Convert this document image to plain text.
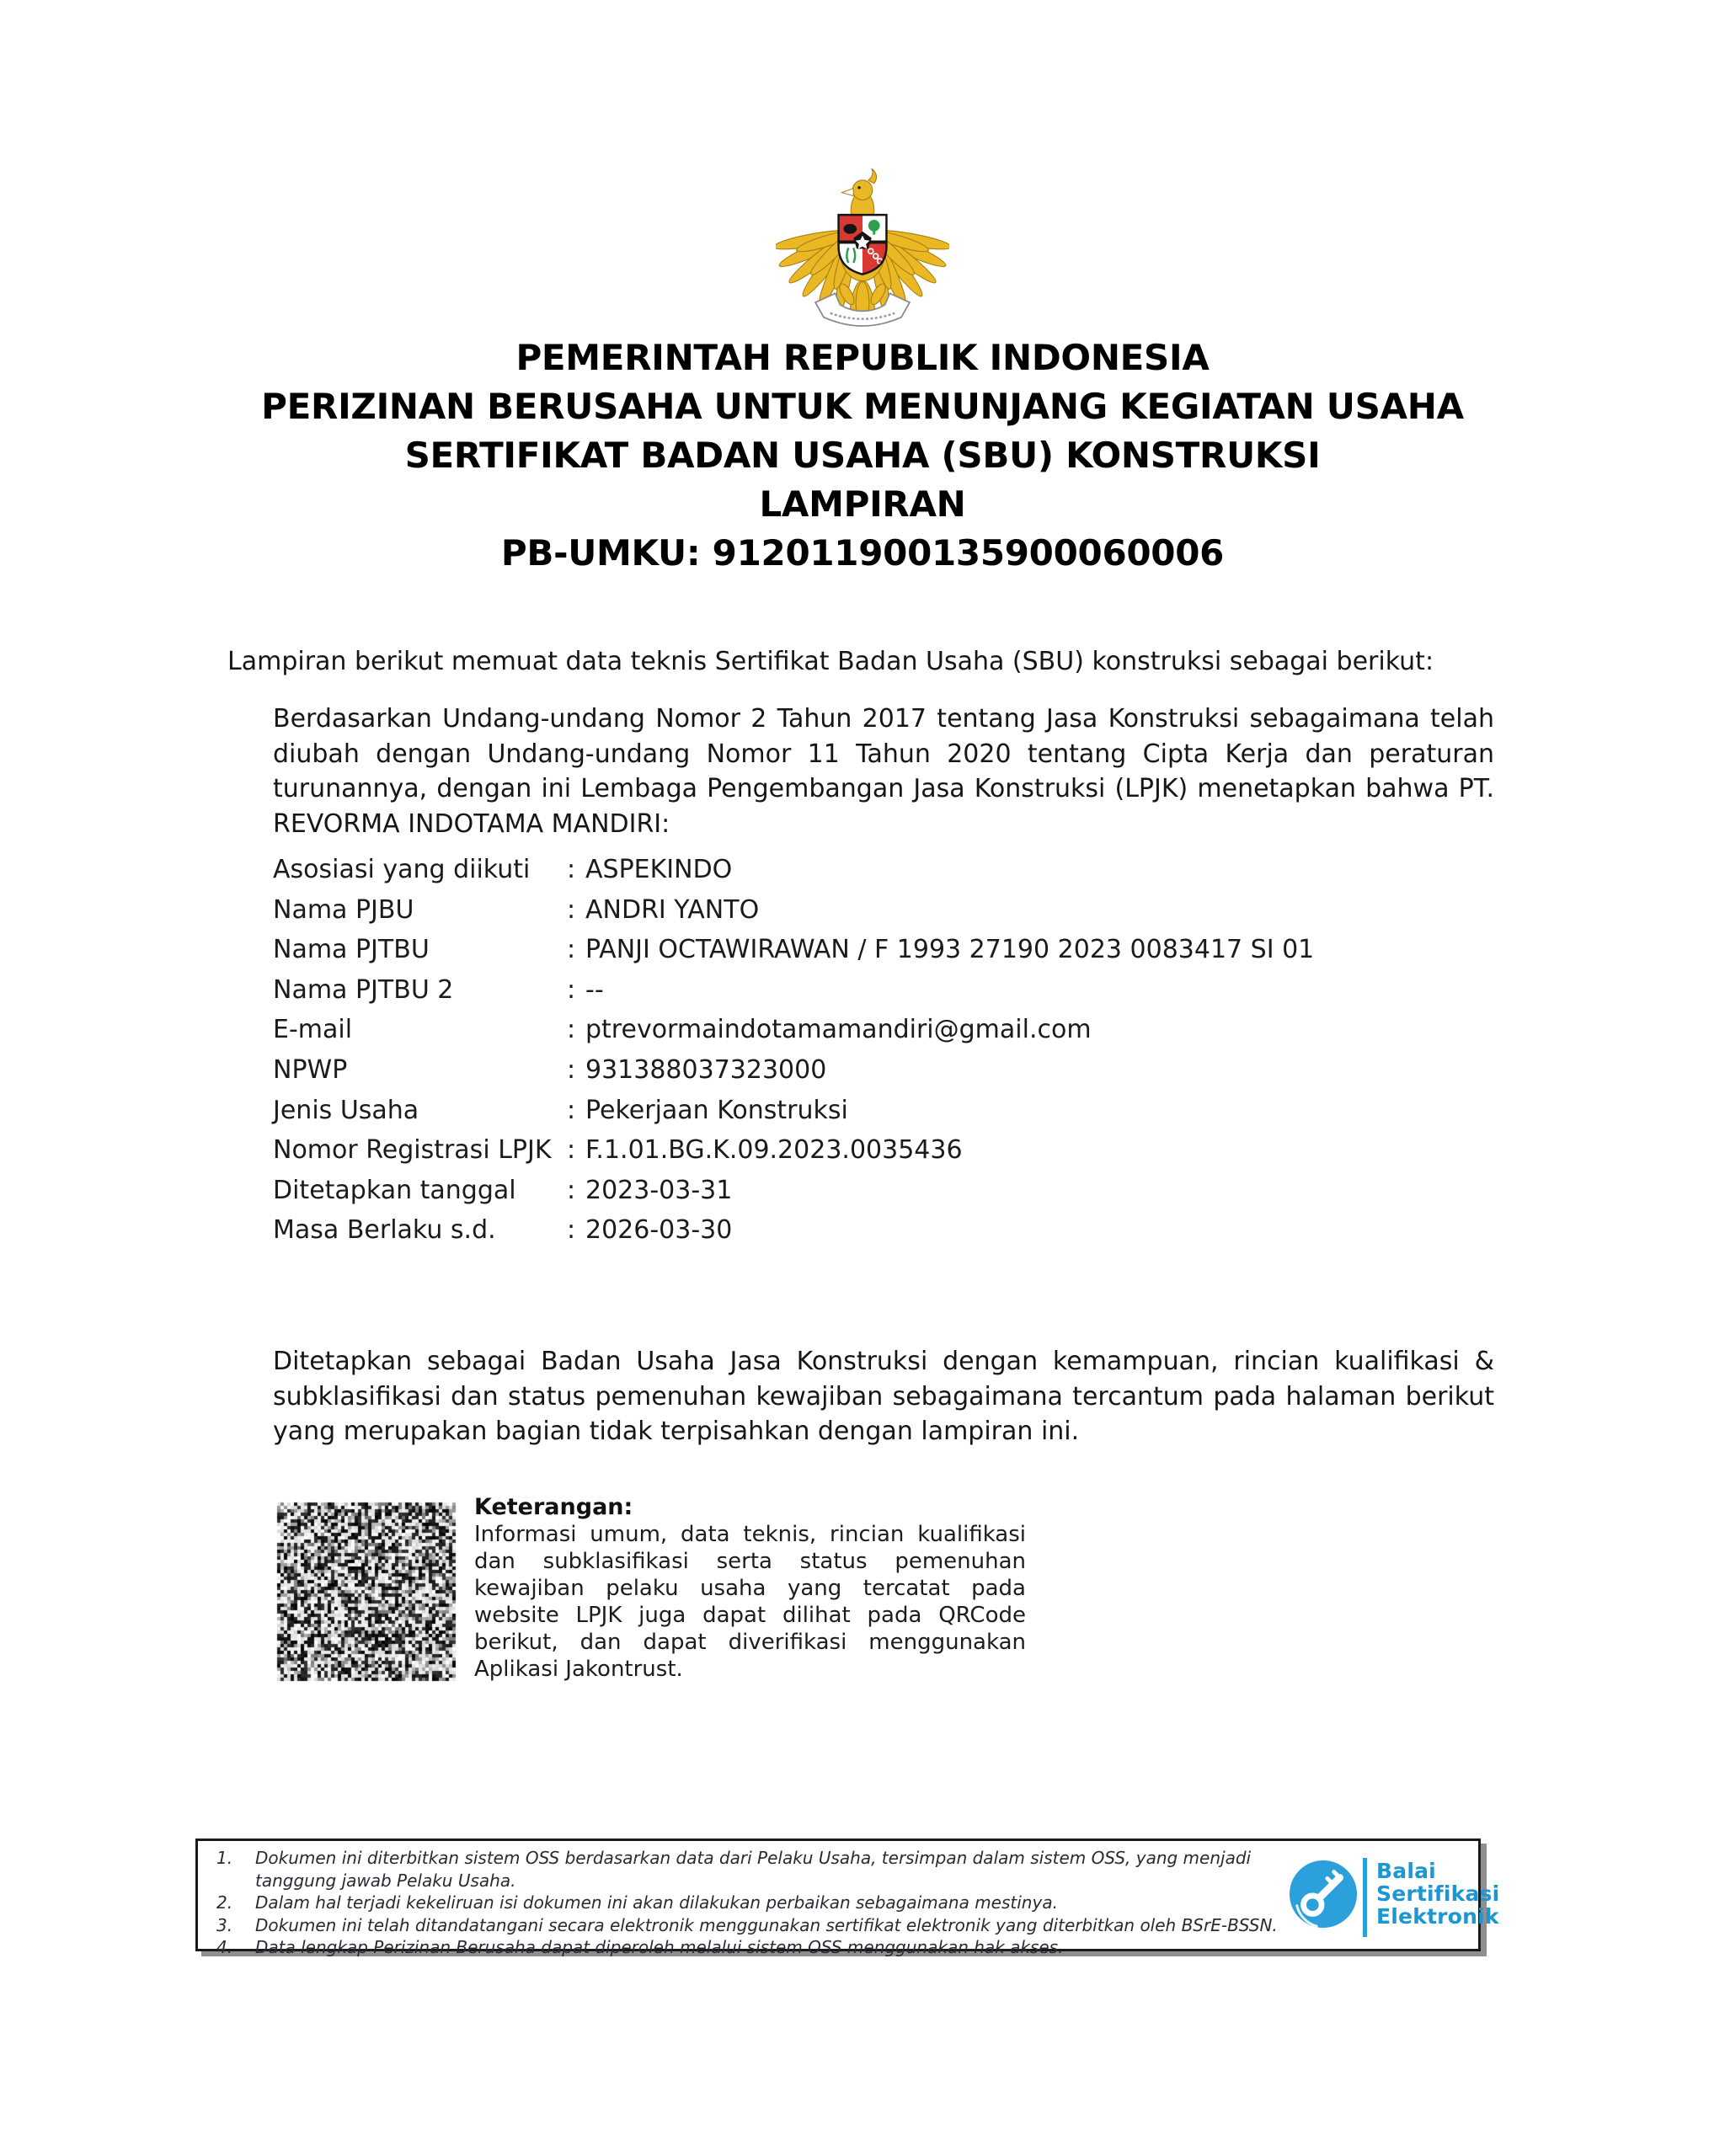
PEMERINTAH REPUBLIK INDONESIA
PERIZINAN BERUSAHA UNTUK MENUNJANG KEGIATAN USAHA
SERTIFIKAT BADAN USAHA (SBU) KONSTRUKSI
LAMPIRAN
PB-UMKU: 912011900135900060006
Lampiran berikut memuat data teknis Sertifikat Badan Usaha (SBU) konstruksi sebagai berikut:
Berdasarkan Undang-undang Nomor 2 Tahun 2017 tentang Jasa Konstruksi sebagaimana telah diubah dengan Undang-undang Nomor 11 Tahun 2020 tentang Cipta Kerja dan peraturan turunannya, dengan ini Lembaga Pengembangan Jasa Konstruksi (LPJK) menetapkan bahwa PT. REVORMA INDOTAMA MANDIRI:
Asosiasi yang diikuti	: ASPEKINDO
Nama PJBU	: ANDRI YANTO
Nama PJTBU	: PANJI OCTAWIRAWAN / F 1993 27190 2023 0083417 SI 01
Nama PJTBU 2	: --
E-mail	: ptrevormaindotamamandiri@gmail.com
NPWP	: 931388037323000
Jenis Usaha	: Pekerjaan Konstruksi
Nomor Registrasi LPJK : F.1.01.BG.K.09.2023.0035436
Ditetapkan tanggal	: 2023-03-31
Masa Berlaku s.d.	: 2026-03-30
Ditetapkan sebagai Badan Usaha Jasa Konstruksi dengan kemampuan, rincian kualifikasi & subklasifikasi dan status pemenuhan kewajiban sebagaimana tercantum pada halaman berikut yang merupakan bagian tidak terpisahkan dengan lampiran ini.
Keterangan:
Informasi umum, data teknis, rincian kualifikasi dan subklasifikasi serta status pemenuhan kewajiban pelaku usaha yang tercatat pada website LPJK juga dapat dilihat pada QRCode berikut, dan dapat diverifikasi menggunakan Aplikasi Jakontrust.
1.	Dokumen ini diterbitkan sistem OSS berdasarkan data dari Pelaku Usaha, tersimpan dalam sistem OSS, yang menjadi tanggung jawab Pelaku Usaha.
2.	Dalam hal terjadi kekeliruan isi dokumen ini akan dilakukan perbaikan sebagaimana mestinya.
3.	Dokumen ini telah ditandatangani secara elektronik menggunakan sertifikat elektronik yang diterbitkan oleh BSrE-BSSN.
4.	Data lengkap Perizinan Berusaha dapat diperoleh melalui sistem OSS menggunakan hak akses.
Balai
Sertifikasi
Elektronik
